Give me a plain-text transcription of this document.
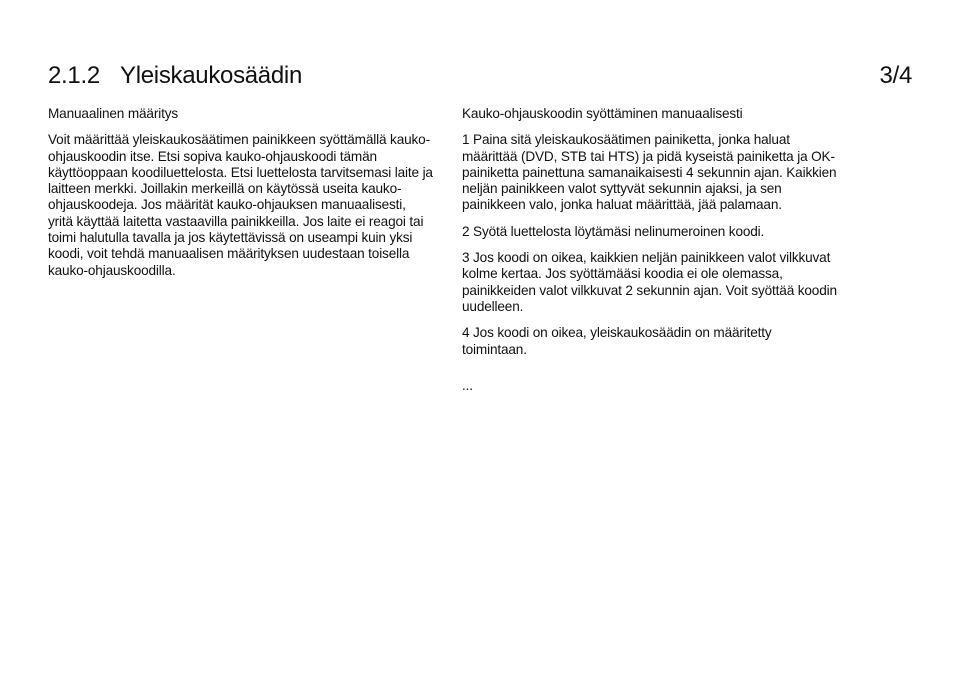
2.1.2 Yleiskaukosäädin	3/4
Manuaalinen määritys

Voit määrittää yleiskaukosäätimen painikkeen syöttämällä kauko-ohjauskoodin itse. Etsi sopiva kauko-ohjauskoodi tämän käyttöoppaan koodiluettelosta. Etsi luettelosta tarvitsemasi laite ja laitteen merkki. Joillakin merkeillä on käytössä useita kauko-ohjauskoodeja. Jos määrität kauko-ohjauksen manuaalisesti, yritä käyttää laitetta vastaavilla painikkeilla. Jos laite ei reagoi tai toimi halutulla tavalla ja jos käytettävissä on useampi kuin yksi koodi, voit tehdä manuaalisen määrityksen uudestaan toisella kauko-ohjauskoodilla.

Kauko-ohjauskoodin syöttäminen manuaalisesti

1 Paina sitä yleiskaukosäätimen painiketta, jonka haluat määrittää (DVD, STB tai HTS) ja pidä kyseistä painiketta ja OK-painiketta painettuna samanaikaisesti 4 sekunnin ajan. Kaikkien neljän painikkeen valot syttyvät sekunnin ajaksi, ja sen painikkeen valo, jonka haluat määrittää, jää palamaan.

2 Syötä luettelosta löytämäsi nelinumeroinen koodi.

3 Jos koodi on oikea, kaikkien neljän painikkeen valot vilkkuvat kolme kertaa. Jos syöttämääsi koodia ei ole olemassa, painikkeiden valot vilkkuvat 2 sekunnin ajan. Voit syöttää koodin uudelleen.

4 Jos koodi on oikea, yleiskaukosäädin on määritetty toimintaan.

...
